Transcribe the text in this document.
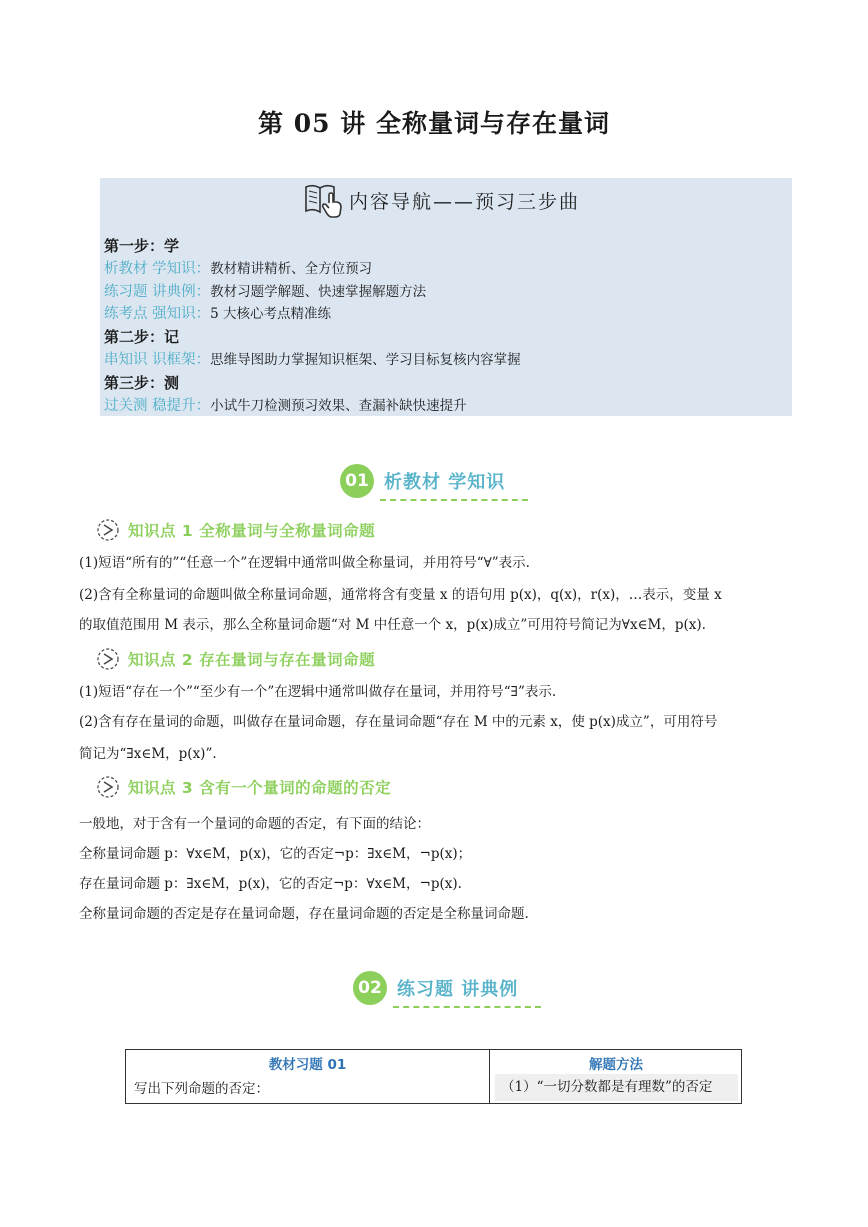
第 05 讲 全称量词与存在量词
内容导航——预习三步曲
第一步：学
析教材 学知识：教材精讲精析、全方位预习
练习题 讲典例：教材习题学解题、快速掌握解题方法
练考点 强知识：5 大核心考点精准练
第二步：记
串知识 识框架：思维导图助力掌握知识框架、学习目标复核内容掌握
第三步：测
过关测 稳提升：小试牛刀检测预习效果、查漏补缺快速提升
01 析教材 学知识
知识点 1 全称量词与全称量词命题
(1)短语“所有的”“任意一个”在逻辑中通常叫做全称量词，并用符号“∀”表示.
(2)含有全称量词的命题叫做全称量词命题，通常将含有变量 x 的语句用 p(x)，q(x)，r(x)，…表示，变量 x
的取值范围用 M 表示，那么全称量词命题“对 M 中任意一个 x，p(x)成立”可用符号简记为∀x∈M，p(x).
知识点 2 存在量词与存在量词命题
(1)短语“存在一个”“至少有一个”在逻辑中通常叫做存在量词，并用符号“∃”表示.
(2)含有存在量词的命题，叫做存在量词命题，存在量词命题“存在 M 中的元素 x，使 p(x)成立”，可用符号
简记为“∃x∈M，p(x)”.
知识点 3 含有一个量词的命题的否定
一般地，对于含有一个量词的命题的否定，有下面的结论：
全称量词命题 p：∀x∈M，p(x)，它的否定¬p：∃x∈M，¬p(x)；
存在量词命题 p：∃x∈M，p(x)，它的否定¬p：∀x∈M，¬p(x).
全称量词命题的否定是存在量词命题，存在量词命题的否定是全称量词命题.
02 练习题 讲典例
教材习题 01	解题方法
写出下列命题的否定：	（1）“一切分数都是有理数”的否定
